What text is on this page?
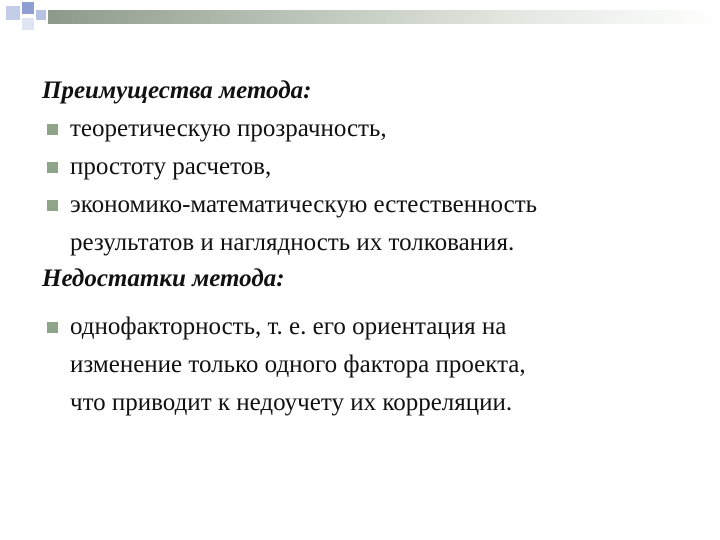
Преимущества метода:
теоретическую прозрачность,
простоту расчетов,
экономико-математическую естественность
результатов и наглядность их толкования.
Недостатки метода:
однофакторность, т. е. его ориентация на
изменение только одного фактора проекта,
что приводит к недоучету их корреляции.
